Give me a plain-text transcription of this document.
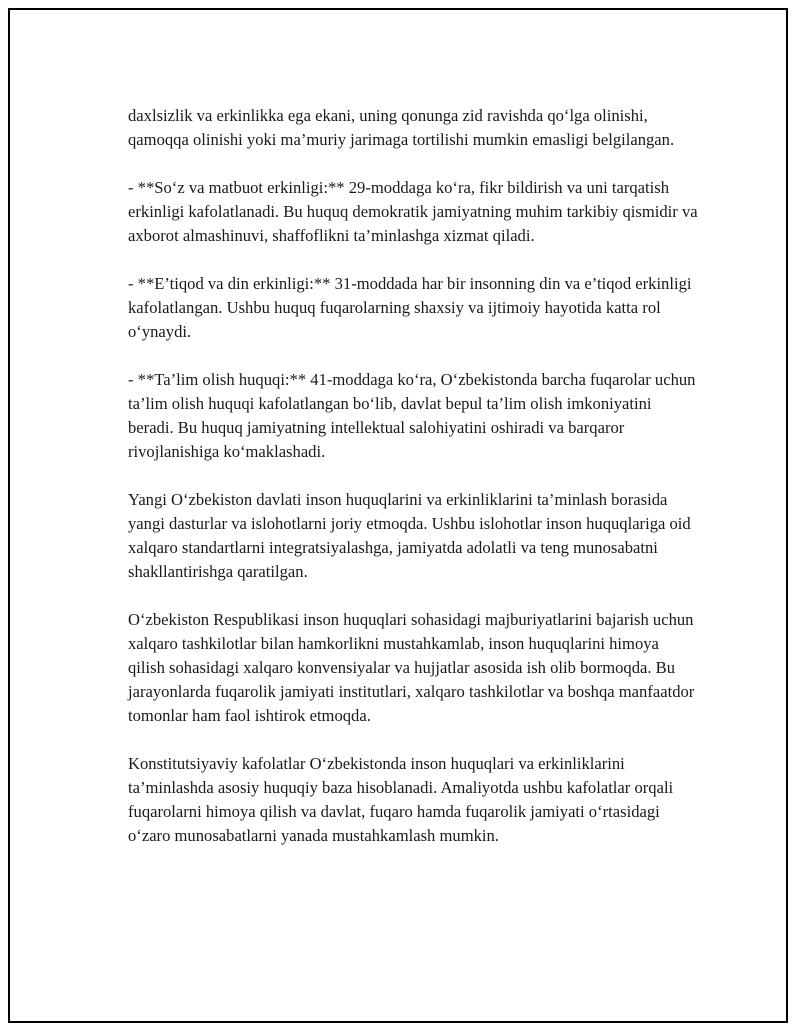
daxlsizlik va erkinlikka ega ekani, uning qonunga zid ravishda qo‘lga olinishi, qamoqqa olinishi yoki ma’muriy jarimaga tortilishi mumkin emasligi belgilangan.

- **So‘z va matbuot erkinligi:** 29-moddaga ko‘ra, fikr bildirish va uni tarqatish erkinligi kafolatlanadi. Bu huquq demokratik jamiyatning muhim tarkibiy qismidir va axborot almashinuvi, shaffoflikni ta’minlashga xizmat qiladi.

- **E’tiqod va din erkinligi:** 31-moddada har bir insonning din va e’tiqod erkinligi kafolatlangan. Ushbu huquq fuqarolarning shaxsiy va ijtimoiy hayotida katta rol o‘ynaydi.

- **Ta’lim olish huquqi:** 41-moddaga ko‘ra, O‘zbekistonda barcha fuqarolar uchun ta’lim olish huquqi kafolatlangan bo‘lib, davlat bepul ta’lim olish imkoniyatini beradi. Bu huquq jamiyatning intellektual salohiyatini oshiradi va barqaror rivojlanishiga ko‘maklashadi.

Yangi O‘zbekiston davlati inson huquqlarini va erkinliklarini ta’minlash borasida yangi dasturlar va islohotlarni joriy etmoqda. Ushbu islohotlar inson huquqlariga oid xalqaro standartlarni integratsiyalashga, jamiyatda adolatli va teng munosabatni shakllantirishga qaratilgan.

O‘zbekiston Respublikasi inson huquqlari sohasidagi majburiyatlarini bajarish uchun xalqaro tashkilotlar bilan hamkorlikni mustahkamlab, inson huquqlarini himoya qilish sohasidagi xalqaro konvensiyalar va hujjatlar asosida ish olib bormoqda. Bu jarayonlarda fuqarolik jamiyati institutlari, xalqaro tashkilotlar va boshqa manfaatdor tomonlar ham faol ishtirok etmoqda.

Konstitutsiyaviy kafolatlar O‘zbekistonda inson huquqlari va erkinliklarini ta’minlashda asosiy huquqiy baza hisoblanadi. Amaliyotda ushbu kafolatlar orqali fuqarolarni himoya qilish va davlat, fuqaro hamda fuqarolik jamiyati o‘rtasidagi o‘zaro munosabatlarni yanada mustahkamlash mumkin.
